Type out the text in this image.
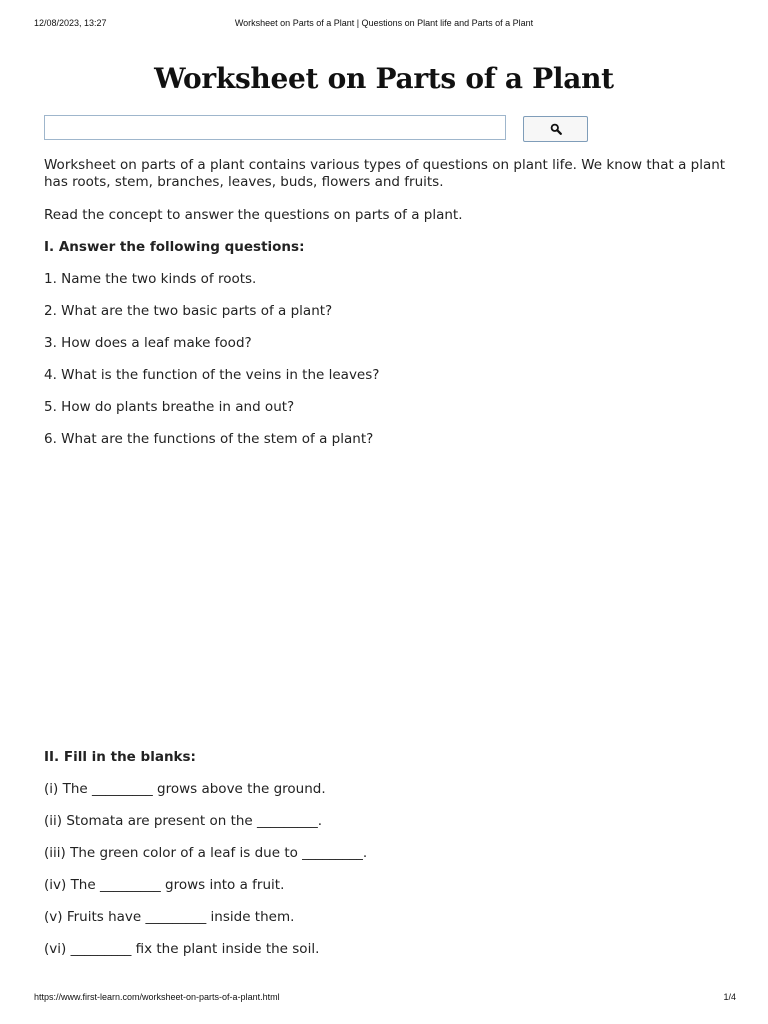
12/08/2023, 13:27	Worksheet on Parts of a Plant | Questions on Plant life and Parts of a Plant
Worksheet on Parts of a Plant

Worksheet on parts of a plant contains various types of questions on plant life. We know that a plant has roots, stem, branches, leaves, buds, flowers and fruits.

Read the concept to answer the questions on parts of a plant.

I. Answer the following questions:

1. Name the two kinds of roots.

2. What are the two basic parts of a plant?

3. How does a leaf make food?

4. What is the function of the veins in the leaves?

5. How do plants breathe in and out?

6. What are the functions of the stem of a plant?

II. Fill in the blanks:

(i) The _________ grows above the ground.

(ii) Stomata are present on the _________.

(iii) The green color of a leaf is due to _________.

(iv) The _________ grows into a fruit.

(v) Fruits have _________ inside them.

(vi) _________ fix the plant inside the soil.

https://www.first-learn.com/worksheet-on-parts-of-a-plant.html	1/4
